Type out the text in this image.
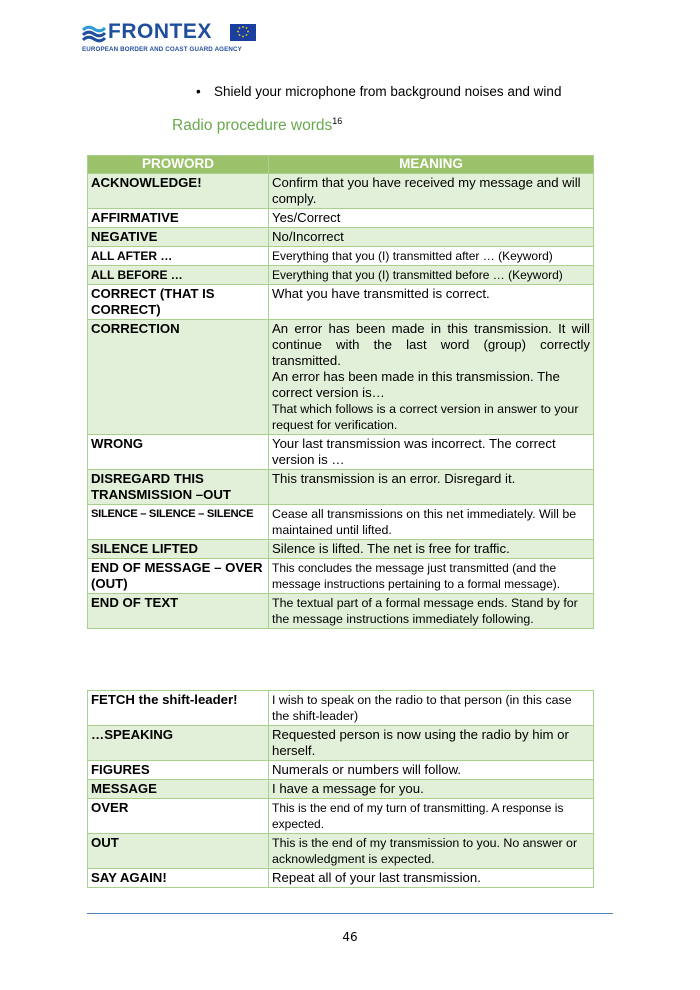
FRONTEX
EUROPEAN BORDER AND COAST GUARD AGENCY
• Shield your microphone from background noises and wind
Radio procedure words$^{16}$
PROWORD	MEANING
ACKNOWLEDGE!	Confirm that you have received my message and will comply.
AFFIRMATIVE	Yes/Correct
NEGATIVE	No/Incorrect
ALL AFTER …	Everything that you (I) transmitted after … (Keyword)
ALL BEFORE …	Everything that you (I) transmitted before … (Keyword)
CORRECT (THAT IS CORRECT)	What you have transmitted is correct.
CORRECTION	An error has been made in this transmission. It will continue with the last word (group) correctly transmitted.
An error has been made in this transmission. The correct version is…
That which follows is a correct version in answer to your request for verification.

WRONG	Your last transmission was incorrect. The correct version is …
DISREGARD THIS TRANSMISSION –OUT	This transmission is an error. Disregard it.
SILENCE – SILENCE – SILENCE	Cease all transmissions on this net immediately. Will be maintained until lifted.
SILENCE LIFTED	Silence is lifted. The net is free for traffic.
END OF MESSAGE – OVER (OUT)	This concludes the message just transmitted (and the message instructions pertaining to a formal message).
END OF TEXT	The textual part of a formal message ends. Stand by for the message instructions immediately following.
FETCH the shift-leader!	I wish to speak on the radio to that person (in this case the shift-leader)
…SPEAKING	Requested person is now using the radio by him or herself.
FIGURES	Numerals or numbers will follow.
MESSAGE	I have a message for you.
OVER	This is the end of my turn of transmitting. A response is expected.
OUT	This is the end of my transmission to you. No answer or acknowledgment is expected.
SAY AGAIN!	Repeat all of your last transmission.
46
